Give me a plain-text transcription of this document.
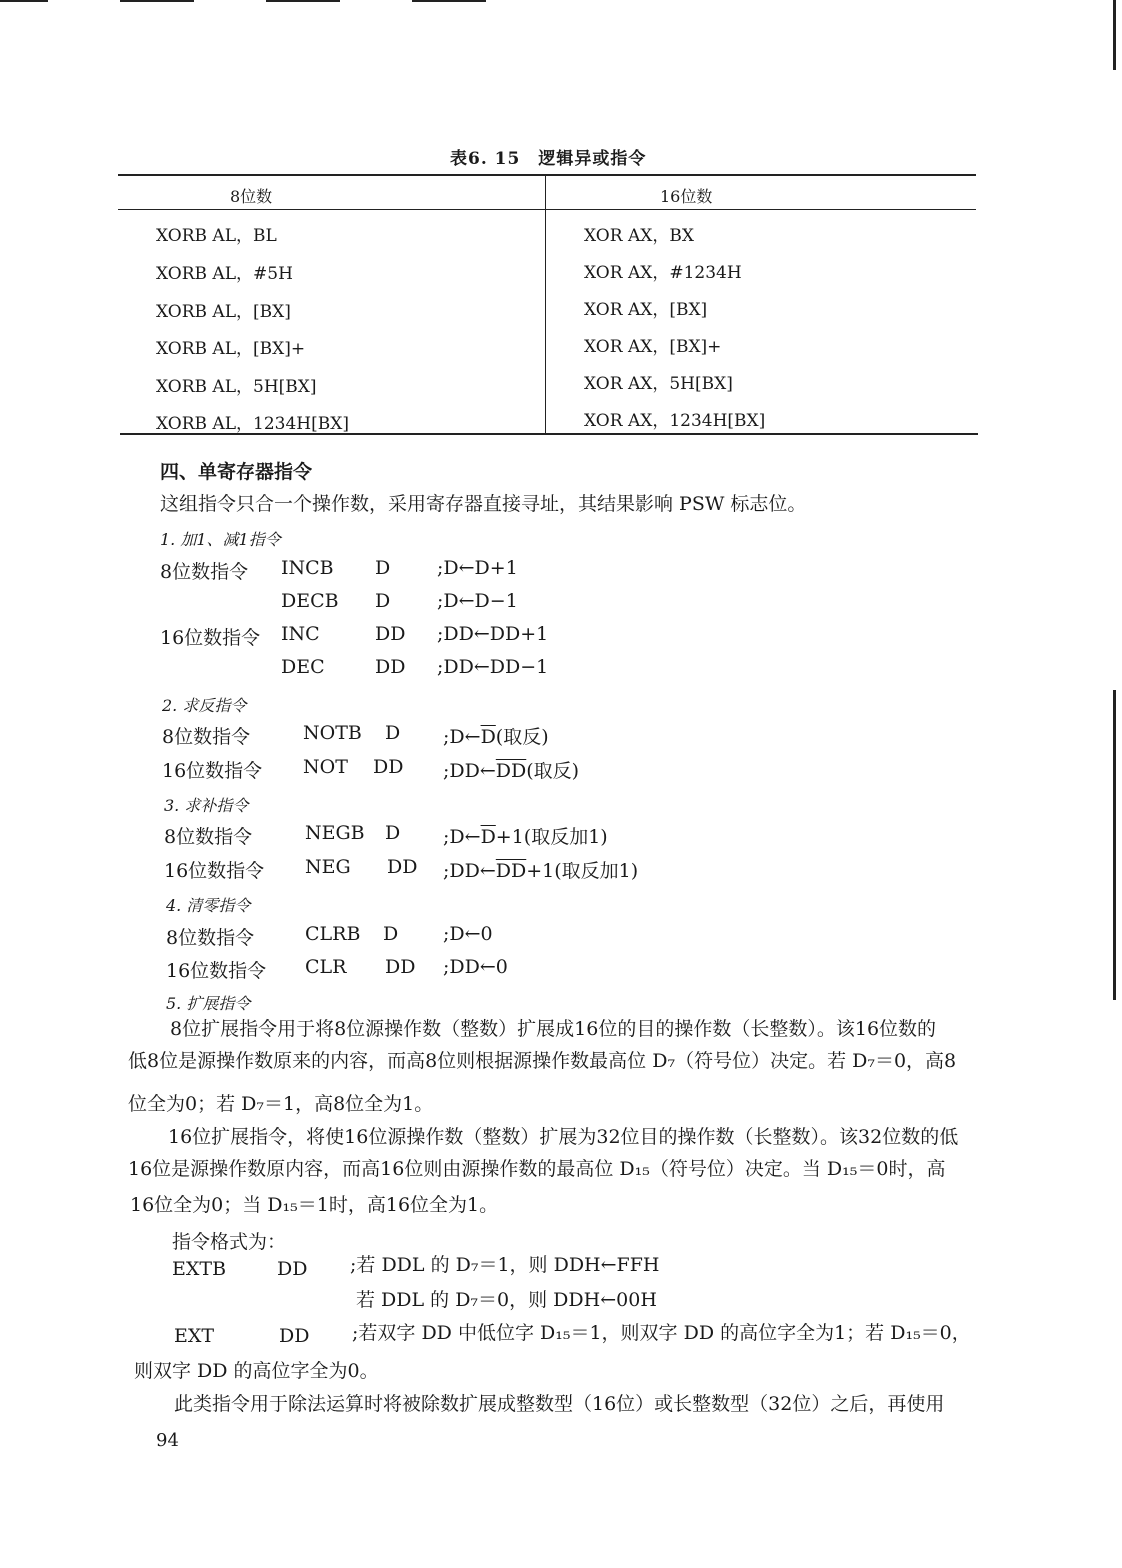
表6. 15　逻辑异或指令
8位数	16位数
XORB AL，BL	XOR AX，BX
XORB AL，#5H	XOR AX，#1234H
XORB AL，[BX]	XOR AX，[BX]
XORB AL，[BX]+	XOR AX，[BX]+
XORB AL，5H[BX]	XOR AX，5H[BX]
XORB AL，1234H[BX]	XOR AX，1234H[BX]
四、单寄存器指令
这组指令只合一个操作数，采用寄存器直接寻址，其结果影响 PSW 标志位。
1. 加1、减1指令
8位数指令 INCB D ;D←D+1
DECB D ;D←D−1
16位数指令 INC	DD ;DD←DD+1
DEC	DD ;DD←DD−1
2. 求反指令
8位数指令	NOTB D $;D\leftarrow\overline{D}$(取反)
16位数指令 NOT DD $;DD\leftarrow\overline{DD}$(取反)
3. 求补指令
8位数指令	NEGB D $;D\leftarrow\overline{D}+1$(取反加1)
16位数指令 NEG DD $;DD\leftarrow\overline{DD}+1$(取反加1)
4. 清零指令
8位数指令	CLRB D ;D←0
16位数指令 CLR DD ;DD←0
5. 扩展指令
8位扩展指令用于将8位源操作数（整数）扩展成16位的目的操作数（长整数）。该16位数的
低8位是源操作数原来的内容，而高8位则根据源操作数最高位 D₇（符号位）决定。若 D₇＝0，高8
位全为0；若 D₇＝1，高8位全为1。
16位扩展指令，将使16位源操作数（整数）扩展为32位目的操作数（长整数）。该32位数的低
16位是源操作数原内容，而高16位则由源操作数的最高位 D₁₅（符号位）决定。当 D₁₅＝0时，高
16位全为0；当 D₁₅＝1时，高16位全为1。
指令格式为：
EXTB	DD ;若 DDL 的 D₇＝1，则 DDH←FFH
若 DDL 的 D₇＝0，则 DDH←00H
EXT	DD ;若双字 DD 中低位字 D₁₅＝1，则双字 DD 的高位字全为1；若 D₁₅＝0，
则双字 DD 的高位字全为0。
此类指令用于除法运算时将被除数扩展成整数型（16位）或长整数型（32位）之后，再使用
94
